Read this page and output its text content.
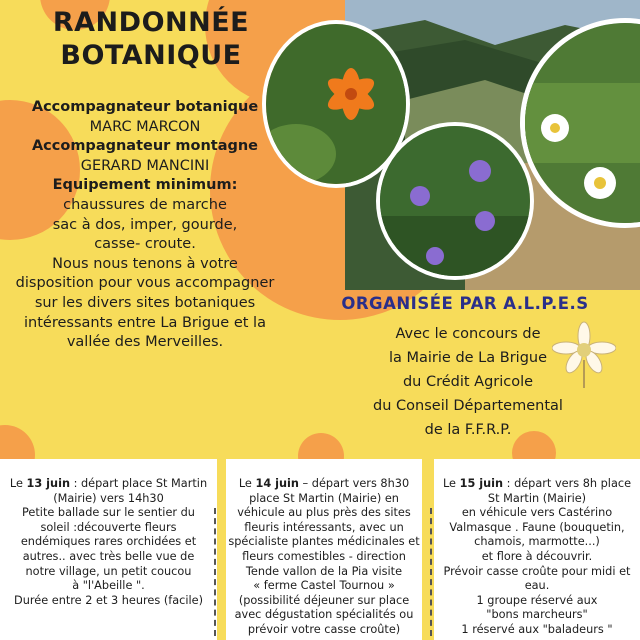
RANDONNÉE
BOTANIQUE
Accompagnateur botanique
MARC MARCON
Accompagnateur montagne
GERARD MANCINI
Equipement minimum:
chaussures de marche
sac à dos, imper, gourde,
casse- croute.
Nous nous tenons à votre
disposition pour vous accompagner
sur les divers sites botaniques
intéressants entre La Brigue et la
vallée des Merveilles.
ORGANISÉE PAR A.L.P.E.S
Avec le concours de
la Mairie de La Brigue
du Crédit Agricole
du Conseil Départemental
de la F.F.R.P.
Le 13 juin : départ place St Martin
(Mairie) vers 14h30
Petite ballade sur le sentier du
soleil :découverte fleurs
endémiques rares orchidées et
autres.. avec très belle vue de
notre village, un petit coucou
à "l'Abeille ".
Durée entre 2 et 3 heures (facile)
Le 14 juin – départ vers 8h30
place St Martin (Mairie) en
véhicule au plus près des sites
fleuris intéressants, avec un
spécialiste plantes médicinales et
fleurs comestibles - direction
Tende vallon de la Pia visite
« ferme Castel Tournou »
(possibilité déjeuner sur place
avec dégustation spécialités ou
prévoir votre casse croûte)
Le 15 juin : départ vers 8h place
St Martin (Mairie)
en véhicule vers Castérino
Valmasque . Faune (bouquetin,
chamois, marmotte...)
et flore à découvrir.
Prévoir casse croûte pour midi et
eau.
1 groupe réservé aux
"bons marcheurs"
1 réservé aux "baladeurs "
